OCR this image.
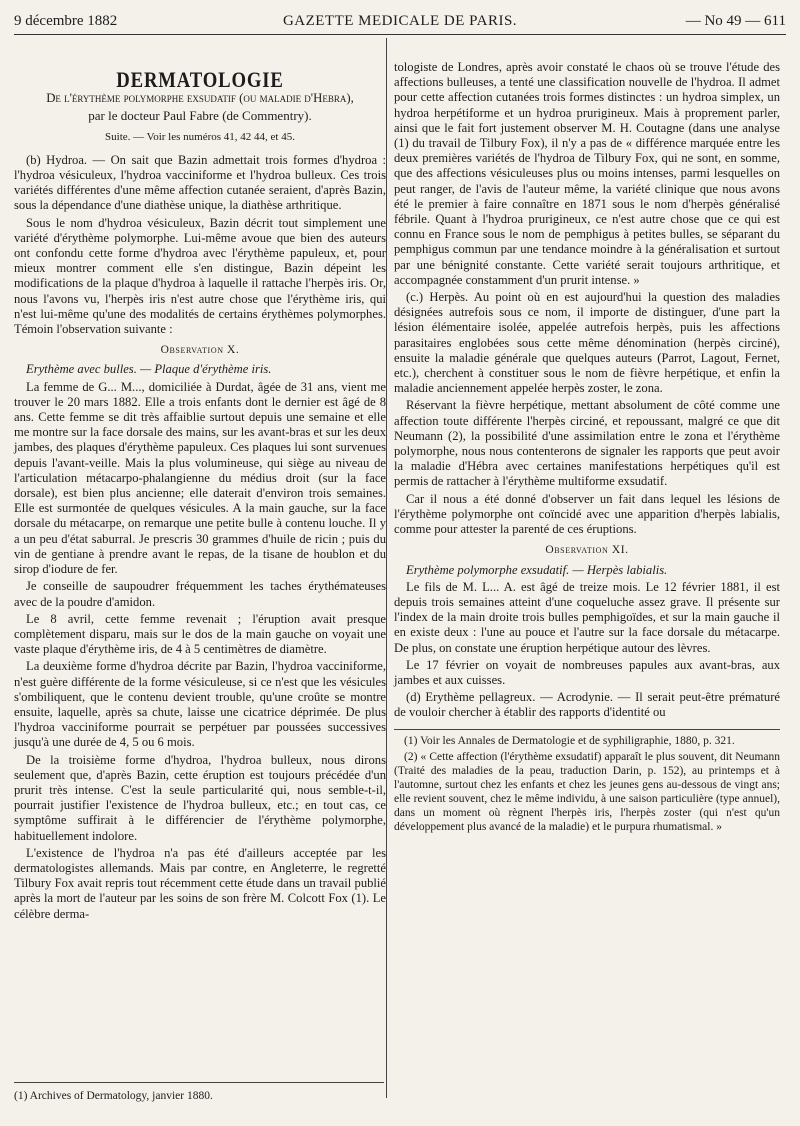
9 décembre 1882	GAZETTE MEDICALE DE PARIS.	— No 49 — 611
DERMATOLOGIE
De l'érythème polymorphe exsudatif (ou maladie d'Hebra),
par le docteur Paul Fabre (de Commentry).
Suite. — Voir les numéros 41, 42 44, et 45.

(b) Hydroa. — On sait que Bazin admettait trois formes d'hydroa : l'hydroa vésiculeux, l'hydroa vacciniforme et l'hydroa bulleux. Ces trois variétés différentes d'une même affection cutanée seraient, d'après Bazin, sous la dépendance d'une diathèse unique, la diathèse arthritique.

Sous le nom d'hydroa vésiculeux, Bazin décrit tout simplement une variété d'érythème polymorphe. Lui-même avoue que bien des auteurs ont confondu cette forme d'hydroa avec l'érythème papuleux, et, pour mieux montrer comment elle s'en distingue, Bazin dépeint les modifications de la plaque d'hydroa à laquelle il rattache l'herpès iris. Or, nous l'avons vu, l'herpès iris n'est autre chose que l'érythème iris, qui n'est lui-même qu'une des modalités de certains érythèmes polymorphes. Témoin l'observation suivante :

Observation X.

Erythème avec bulles. — Plaque d'érythème iris.

La femme de G... M..., domiciliée à Durdat, âgée de 31 ans, vient me trouver le 20 mars 1882. Elle a trois enfants dont le dernier est âgé de 8 ans. Cette femme se dit très affaiblie surtout depuis une semaine et elle me montre sur la face dorsale des mains, sur les avant-bras et sur les deux jambes, des plaques d'érythème papuleux. Ces plaques lui sont survenues depuis l'avant-veille. Mais la plus volumineuse, qui siège au niveau de l'articulation métacarpo-phalangienne du médius droit (sur la face dorsale), est bien plus ancienne; elle daterait d'environ trois semaines. Elle est surmontée de quelques vésicules. A la main gauche, sur la face dorsale du métacarpe, on remarque une petite bulle à contenu louche. Il y a un peu d'état saburral. Je prescris 30 grammes d'huile de ricin ; puis du vin de gentiane à prendre avant le repas, de la tisane de houblon et du sirop d'iodure de fer.

Je conseille de saupoudrer fréquemment les taches érythémateuses avec de la poudre d'amidon.

Le 8 avril, cette femme revenait ; l'éruption avait presque complètement disparu, mais sur le dos de la main gauche on voyait une vaste plaque d'érythème iris, de 4 à 5 centimètres de diamètre.

La deuxième forme d'hydroa décrite par Bazin, l'hydroa vacciniforme, n'est guère différente de la forme vésiculeuse, si ce n'est que les vésicules s'ombiliquent, que le contenu devient trouble, qu'une croûte se montre ensuite, laquelle, après sa chute, laisse une cicatrice déprimée. De plus l'hydroa vacciniforme pourrait se perpétuer par poussées successives jusqu'à une durée de 4, 5 ou 6 mois.

De la troisième forme d'hydroa, l'hydroa bulleux, nous dirons seulement que, d'après Bazin, cette éruption est toujours précédée d'un prurit très intense. C'est la seule particularité qui, nous semble-t-il, pourrait justifier l'existence de l'hydroa bulleux, etc.; en tout cas, ce symptôme suffirait à le différencier de l'érythème polymorphe, habituellement indolore.

L'existence de l'hydroa n'a pas été d'ailleurs acceptée par les dermatologistes allemands. Mais par contre, en Angleterre, le regretté Tilbury Fox avait repris tout récemment cette étude dans un travail publié après la mort de l'auteur par les soins de son frère M. Colcott Fox (1). Le célèbre derma-

(1) Archives of Dermatology, janvier 1880.

tologiste de Londres, après avoir constaté le chaos où se trouve l'étude des affections bulleuses, a tenté une classification nouvelle de l'hydroa. Il admet pour cette affection cutanées trois formes distinctes : un hydroa simplex, un hydroa herpétiforme et un hydroa prurigineux. Mais à proprement parler, ainsi que le fait fort justement observer M. H. Coutagne (dans une analyse (1) du travail de Tilbury Fox), il n'y a pas de « différence marquée entre les deux premières variétés de l'hydroa de Tilbury Fox, qui ne sont, en somme, que des affections vésiculeuses plus ou moins intenses, parmi lesquelles on peut ranger, de l'avis de l'auteur même, la variété clinique que nous avons été le premier à faire connaître en 1871 sous le nom d'herpès généralisé fébrile. Quant à l'hydroa prurigineux, ce n'est autre chose que ce qui est connu en France sous le nom de pemphigus à petites bulles, se séparant du pemphigus commun par une tendance moindre à la généralisation et surtout par une bénignité constante. Cette variété serait toujours arthritique, et accompagnée constamment d'un prurit intense. »

(c.) Herpès. Au point où en est aujourd'hui la question des maladies désignées autrefois sous ce nom, il importe de distinguer, d'une part la lésion élémentaire isolée, appelée autrefois herpès, puis les affections parasitaires englobées sous cette même dénomination (herpès circiné), ensuite la maladie générale que quelques auteurs (Parrot, Lagout, Fernet, etc.), cherchent à constituer sous le nom de fièvre herpétique, et enfin la maladie anciennement appelée herpès zoster, le zona.

Réservant la fièvre herpétique, mettant absolument de côté comme une affection toute différente l'herpès circiné, et repoussant, malgré ce que dit Neumann (2), la possibilité d'une assimilation entre le zona et l'érythème polymorphe, nous nous contenterons de signaler les rapports que peut avoir la maladie d'Hébra avec certaines manifestations herpétiques qu'il est permis de rattacher à l'érythème multiforme exsudatif.

Car il nous a été donné d'observer un fait dans lequel les lésions de l'érythème polymorphe ont coïncidé avec une apparition d'herpès labialis, comme pour attester la parenté de ces éruptions.

Observation XI.

Erythème polymorphe exsudatif. — Herpès labialis.

Le fils de M. L... A. est âgé de treize mois. Le 12 février 1881, il est depuis trois semaines atteint d'une coqueluche assez grave. Il présente sur l'index de la main droite trois bulles pemphigoïdes, et sur la main gauche il en existe deux : l'une au pouce et l'autre sur la face dorsale du métacarpe. De plus, on constate une éruption herpétique autour des lèvres.

Le 17 février on voyait de nombreuses papules aux avant-bras, aux jambes et aux cuisses.

(d) Erythème pellagreux. — Acrodynie. — Il serait peut-être prématuré de vouloir chercher à établir des rapports d'identité ou

(1) Voir les Annales de Dermatologie et de syphiligraphie, 1880, p. 321.

(2) « Cette affection (l'érythème exsudatif) apparaît le plus souvent, dit Neumann (Traité des maladies de la peau, traduction Darin, p. 152), au printemps et à l'automne, surtout chez les enfants et chez les jeunes gens au-dessous de vingt ans; elle revient souvent, chez le même individu, à une saison particulière (type annuel), dans un moment où règnent l'herpès iris, l'herpès zoster (qui n'est qu'un développement plus avancé de la maladie) et le purpura rhumatismal. »
